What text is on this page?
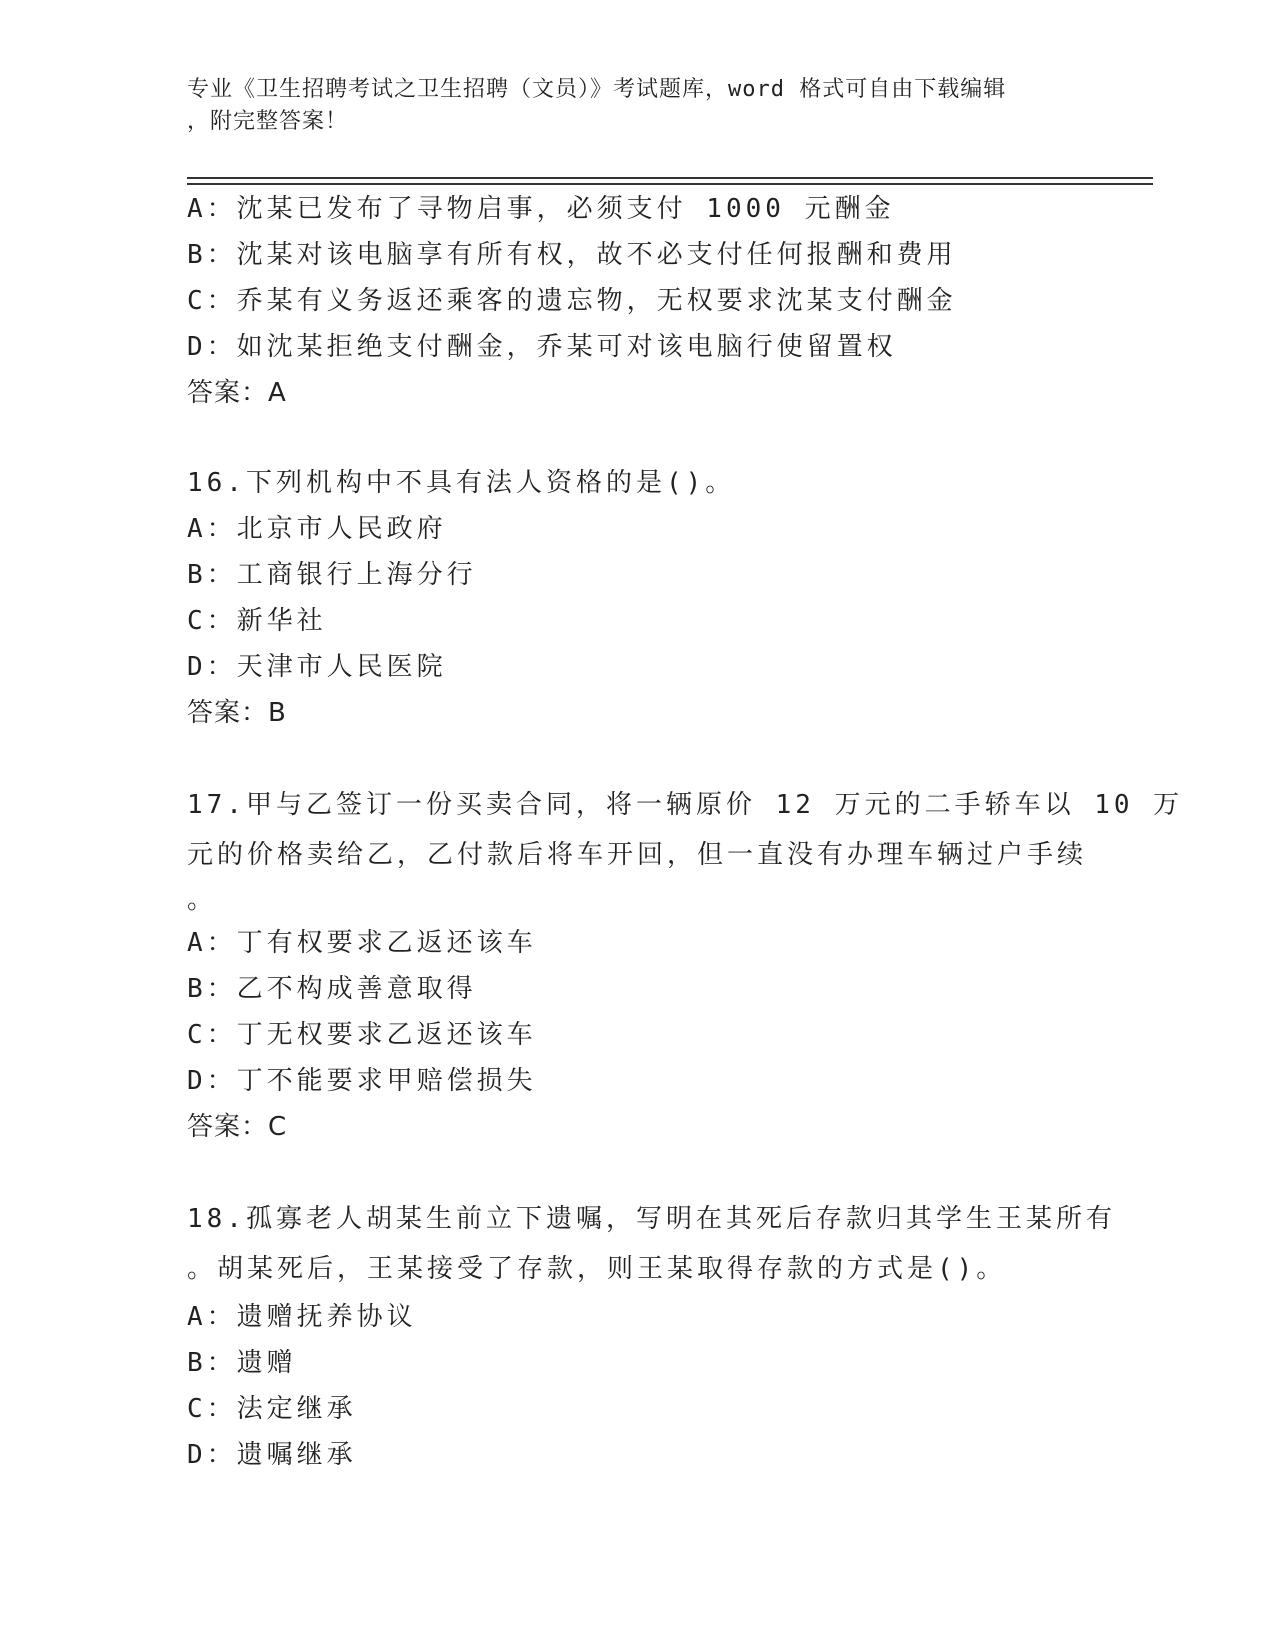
专业《卫生招聘考试之卫生招聘（文员）》考试题库，word 格式可自由下载编辑
，附完整答案！
A：沈某已发布了寻物启事，必须支付 1000 元酬金
B：沈某对该电脑享有所有权，故不必支付任何报酬和费用
C：乔某有义务返还乘客的遗忘物，无权要求沈某支付酬金
D：如沈某拒绝支付酬金，乔某可对该电脑行使留置权
答案：A
16.下列机构中不具有法人资格的是()。
A：北京市人民政府
B：工商银行上海分行
C：新华社
D：天津市人民医院
答案：B
17.甲与乙签订一份买卖合同，将一辆原价 12 万元的二手轿车以 10 万
元的价格卖给乙，乙付款后将车开回，但一直没有办理车辆过户手续
。
A：丁有权要求乙返还该车
B：乙不构成善意取得
C：丁无权要求乙返还该车
D：丁不能要求甲赔偿损失
答案：C
18.孤寡老人胡某生前立下遗嘱，写明在其死后存款归其学生王某所有
。胡某死后，王某接受了存款，则王某取得存款的方式是()。
A：遗赠抚养协议
B：遗赠
C：法定继承
D：遗嘱继承
